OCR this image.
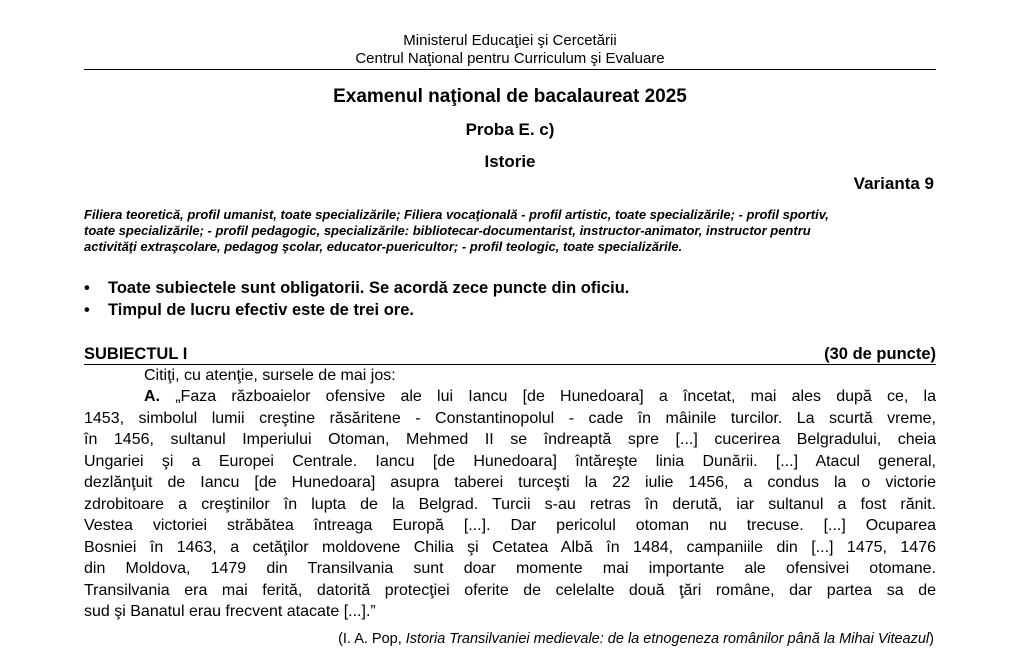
Ministerul Educaţiei şi Cercetării
Centrul Naţional pentru Curriculum şi Evaluare
Examenul naţional de bacalaureat 2025
Proba E. c)
Istorie
Varianta 9
Filiera teoretică, profil umanist, toate specializările; Filiera vocaţională - profil artistic, toate specializările; - profil sportiv,
toate specializările; - profil pedagogic, specializările: bibliotecar-documentarist, instructor-animator, instructor pentru
activităţi extraşcolare, pedagog şcolar, educator-puericultor; - profil teologic, toate specializările.

• Toate subiectele sunt obligatorii. Se acordă zece puncte din oficiu.

• Timpul de lucru efectiv este de trei ore.

SUBIECTUL I	(30 de puncte)
Citiţi, cu atenţie, sursele de mai jos:
A. „Faza războaielor ofensive ale lui Iancu [de Hunedoara] a încetat, mai ales după ce, la
1453, simbolul lumii creştine răsăritene - Constantinopolul - cade în mâinile turcilor. La scurtă vreme,
în 1456, sultanul Imperiului Otoman, Mehmed II se îndreaptă spre [...] cucerirea Belgradului, cheia
Ungariei şi a Europei Centrale. Iancu [de Hunedoara] întăreşte linia Dunării. [...] Atacul general,
dezlănţuit de Iancu [de Hunedoara] asupra taberei turceşti la 22 iulie 1456, a condus la o victorie
zdrobitoare a creştinilor în lupta de la Belgrad. Turcii s-au retras în derută, iar sultanul a fost rănit.
Vestea victoriei străbătea întreaga Europă [...]. Dar pericolul otoman nu trecuse. [...] Ocuparea
Bosniei în 1463, a cetăţilor moldovene Chilia şi Cetatea Albă în 1484, campaniile din [...] 1475, 1476
din Moldova, 1479 din Transilvania sunt doar momente mai importante ale ofensivei otomane.
Transilvania era mai ferită, datorită protecţiei oferite de celelalte două ţări române, dar partea sa de
sud şi Banatul erau frecvent atacate [...].”
(I. A. Pop, Istoria Transilvaniei medievale: de la etnogeneza românilor până la Mihai Viteazul)
